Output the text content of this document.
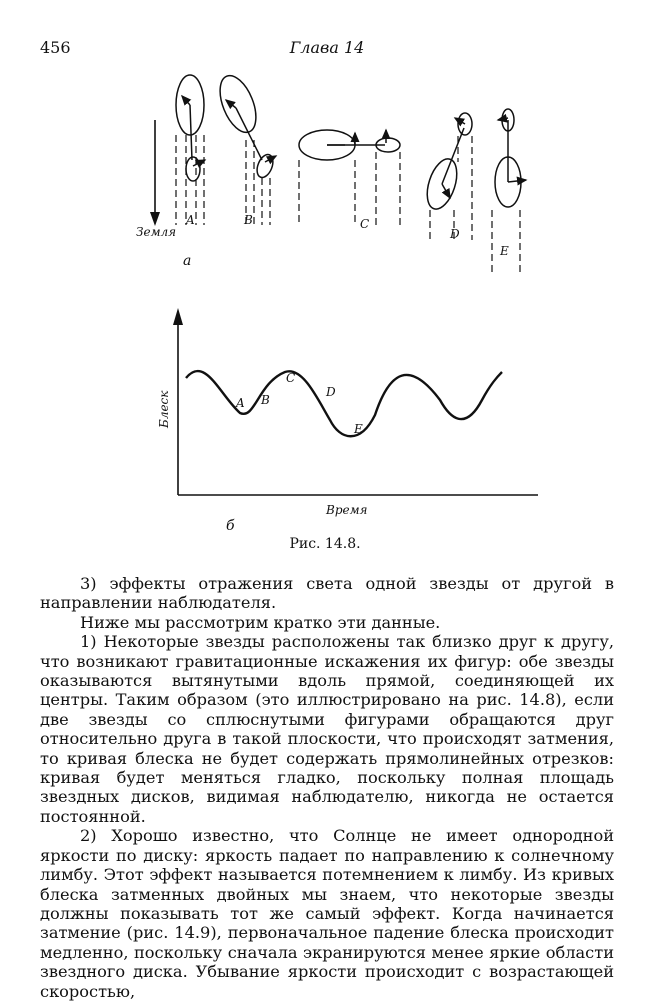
456	Глава 14
Земля
A	B	C
D
E
а
A B
C
D
E
Блеск
Время
б
Рис. 14.8.

3) эффекты отражения света одной звезды от другой в направлении наблюдателя.

Ниже мы рассмотрим кратко эти данные.

1) Некоторые звезды расположены так близко друг к другу, что возникают гравитационные искажения их фигур: обе звезды оказываются вытянутыми вдоль прямой, соединяющей их центры. Таким образом (это иллюстрировано на рис. 14.8), если две звезды со сплюснутыми фигурами обращаются друг относительно друга в такой плоскости, что происходят затмения, то кривая блеска не будет содержать прямолинейных отрезков: кривая будет меняться гладко, поскольку полная площадь звездных дисков, видимая наблюдателю, никогда не остается постоянной.

2) Хорошо известно, что Солнце не имеет однородной яркости по диску: яркость падает по направлению к солнечному лимбу. Этот эффект называется потемнением к лимбу. Из кривых блеска затменных двойных мы знаем, что некоторые звезды должны показывать тот же самый эффект. Когда начинается затмение (рис. 14.9), первоначальное падение блеска происходит медленно, поскольку сначала экранируются менее яркие области звездного диска. Убывание яркости происходит с возрастающей скоростью,
